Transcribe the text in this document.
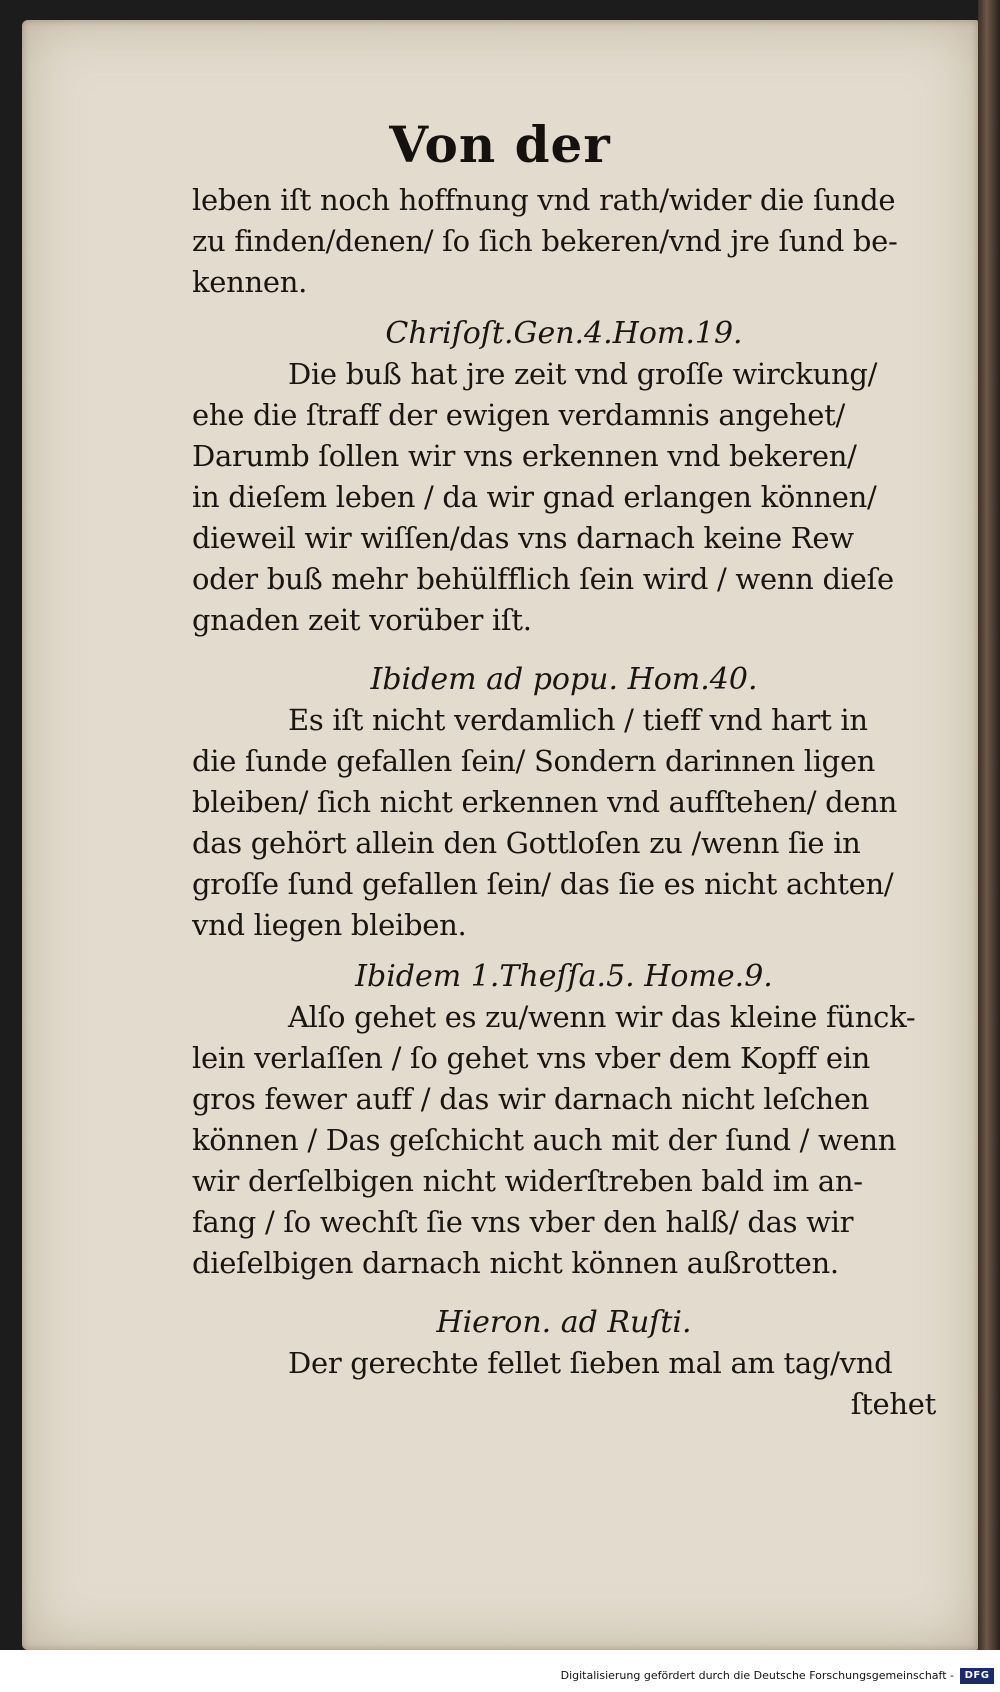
Von der
leben iſt noch hoffnung vnd rath/wider die ſunde
zu finden/denen/ ſo ſich bekeren/vnd jre ſund be-
kennen.
Chriſoſt.Gen.4.Hom.19.
Die buß hat jre zeit vnd groſſe wirckung/
ehe die ſtraff der ewigen verdamnis angehet/
Darumb ſollen wir vns erkennen vnd bekeren/
in dieſem leben / da wir gnad erlangen können/
dieweil wir wiſſen/das vns darnach keine Rew
oder buß mehr behülfflich ſein wird / wenn dieſe
gnaden zeit vorüber iſt.
Ibidem ad popu. Hom.40.
Es iſt nicht verdamlich / tieff vnd hart in
die ſunde gefallen ſein/ Sondern darinnen ligen
bleiben/ ſich nicht erkennen vnd aufſtehen/ denn
das gehört allein den Gottloſen zu /wenn ſie in
groſſe ſund gefallen ſein/ das ſie es nicht achten/
vnd liegen bleiben.
Ibidem 1.Theſſa.5. Home.9.
Alſo gehet es zu/wenn wir das kleine fünck-
lein verlaſſen / ſo gehet vns vber dem Kopff ein
gros fewer auff / das wir darnach nicht leſchen
können / Das geſchicht auch mit der ſund / wenn
wir derſelbigen nicht widerſtreben bald im an-
fang / ſo wechſt ſie vns vber den halß/ das wir
dieſelbigen darnach nicht können außrotten.
Hieron. ad Ruſti.
Der gerechte fellet ſieben mal am tag/vnd
ſtehet
Digitalisierung gefördert durch die Deutsche Forschungsgemeinschaft -	DFG
